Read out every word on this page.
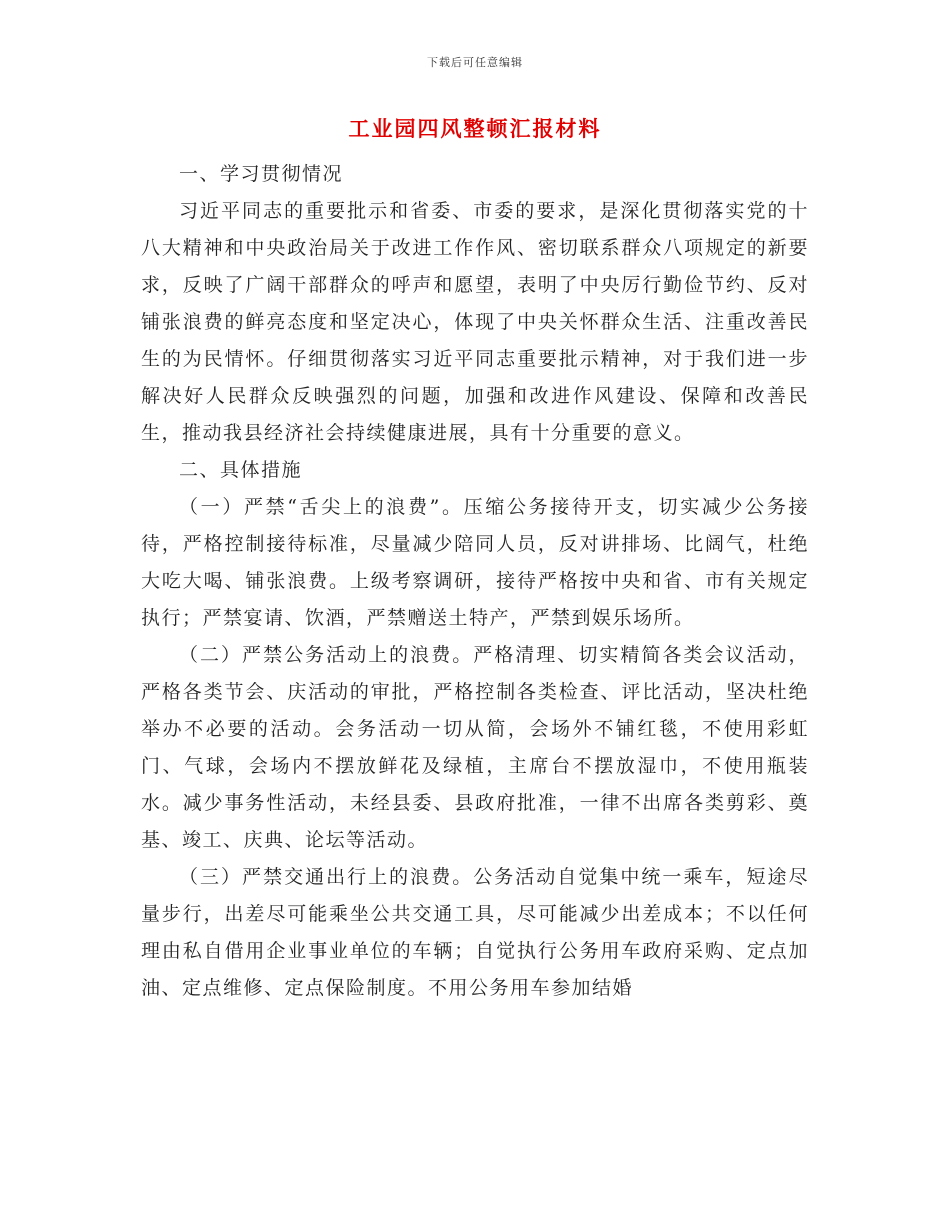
下载后可任意编辑
工业园四风整顿汇报材料

一、学习贯彻情况

习近平同志的重要批示和省委、市委的要求，是深化贯彻落实党的十八大精神和中央政治局关于改进工作作风、密切联系群众八项规定的新要求，反映了广阔干部群众的呼声和愿望，表明了中央厉行勤俭节约、反对铺张浪费的鲜亮态度和坚定决心，体现了中央关怀群众生活、注重改善民生的为民情怀。仔细贯彻落实习近平同志重要批示精神，对于我们进一步解决好人民群众反映强烈的问题，加强和改进作风建设、保障和改善民生，推动我县经济社会持续健康进展，具有十分重要的意义。

二、具体措施

（一）严禁“舌尖上的浪费”。压缩公务接待开支，切实减少公务接待，严格控制接待标准，尽量减少陪同人员，反对讲排场、比阔气，杜绝大吃大喝、铺张浪费。上级考察调研，接待严格按中央和省、市有关规定执行；严禁宴请、饮酒，严禁赠送土特产，严禁到娱乐场所。

（二）严禁公务活动上的浪费。严格清理、切实精简各类会议活动，严格各类节会、庆活动的审批，严格控制各类检查、评比活动，坚决杜绝举办不必要的活动。会务活动一切从简，会场外不铺红毯，不使用彩虹门、气球，会场内不摆放鲜花及绿植，主席台不摆放湿巾，不使用瓶装水。减少事务性活动，未经县委、县政府批准，一律不出席各类剪彩、奠基、竣工、庆典、论坛等活动。

（三）严禁交通出行上的浪费。公务活动自觉集中统一乘车，短途尽量步行，出差尽可能乘坐公共交通工具，尽可能减少出差成本；不以任何理由私自借用企业事业单位的车辆；自觉执行公务用车政府采购、定点加油、定点维修、定点保险制度。不用公务用车参加结婚
